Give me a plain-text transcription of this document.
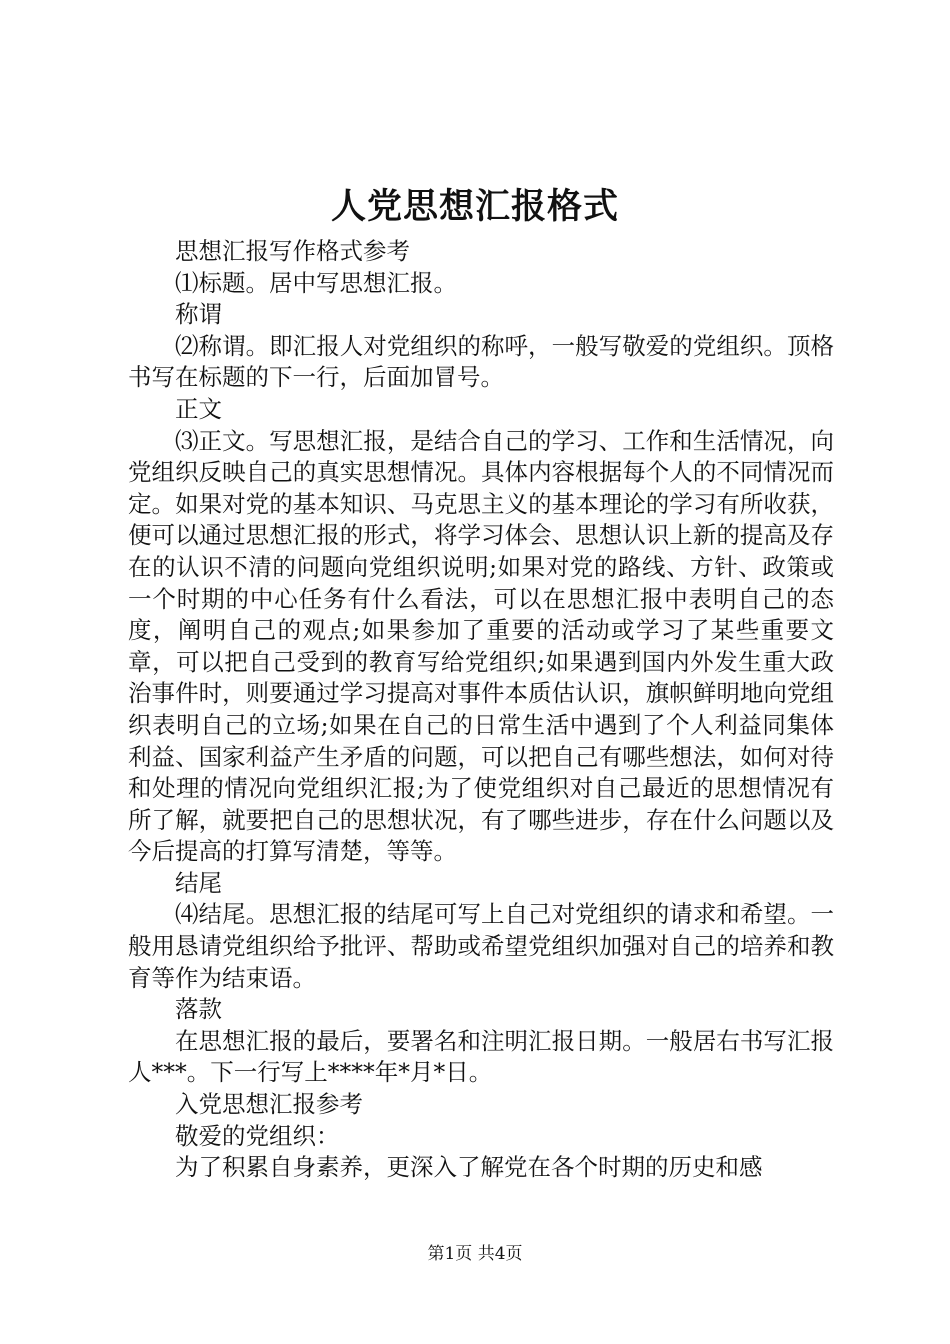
人党思想汇报格式

思想汇报写作格式参考

⑴标题。居中写思想汇报。

称谓

⑵称谓。即汇报人对党组织的称呼，一般写敬爱的党组织。顶格书写在标题的下一行，后面加冒号。

正文

⑶正文。写思想汇报，是结合自己的学习、工作和生活情况，向党组织反映自己的真实思想情况。具体内容根据每个人的不同情况而定。如果对党的基本知识、马克思主义的基本理论的学习有所收获，便可以通过思想汇报的形式，将学习体会、思想认识上新的提高及存在的认识不清的问题向党组织说明;如果对党的路线、方针、政策或一个时期的中心任务有什么看法，可以在思想汇报中表明自己的态度，阐明自己的观点;如果参加了重要的活动或学习了某些重要文章，可以把自己受到的教育写给党组织;如果遇到国内外发生重大政治事件时，则要通过学习提高对事件本质估认识，旗帜鲜明地向党组织表明自己的立场;如果在自己的日常生活中遇到了个人利益同集体利益、国家利益产生矛盾的问题，可以把自己有哪些想法，如何对待和处理的情况向党组织汇报;为了使党组织对自己最近的思想情况有所了解，就要把自己的思想状况，有了哪些进步，存在什么问题以及今后提高的打算写清楚，等等。

结尾

⑷结尾。思想汇报的结尾可写上自己对党组织的请求和希望。一般用恳请党组织给予批评、帮助或希望党组织加强对自己的培养和教育等作为结束语。

落款

在思想汇报的最后，要署名和注明汇报日期。一般居右书写汇报人***。下一行写上****年*月*日。

入党思想汇报参考

敬爱的党组织：

为了积累自身素养，更深入了解党在各个时期的历史和感

第1页 共4页
